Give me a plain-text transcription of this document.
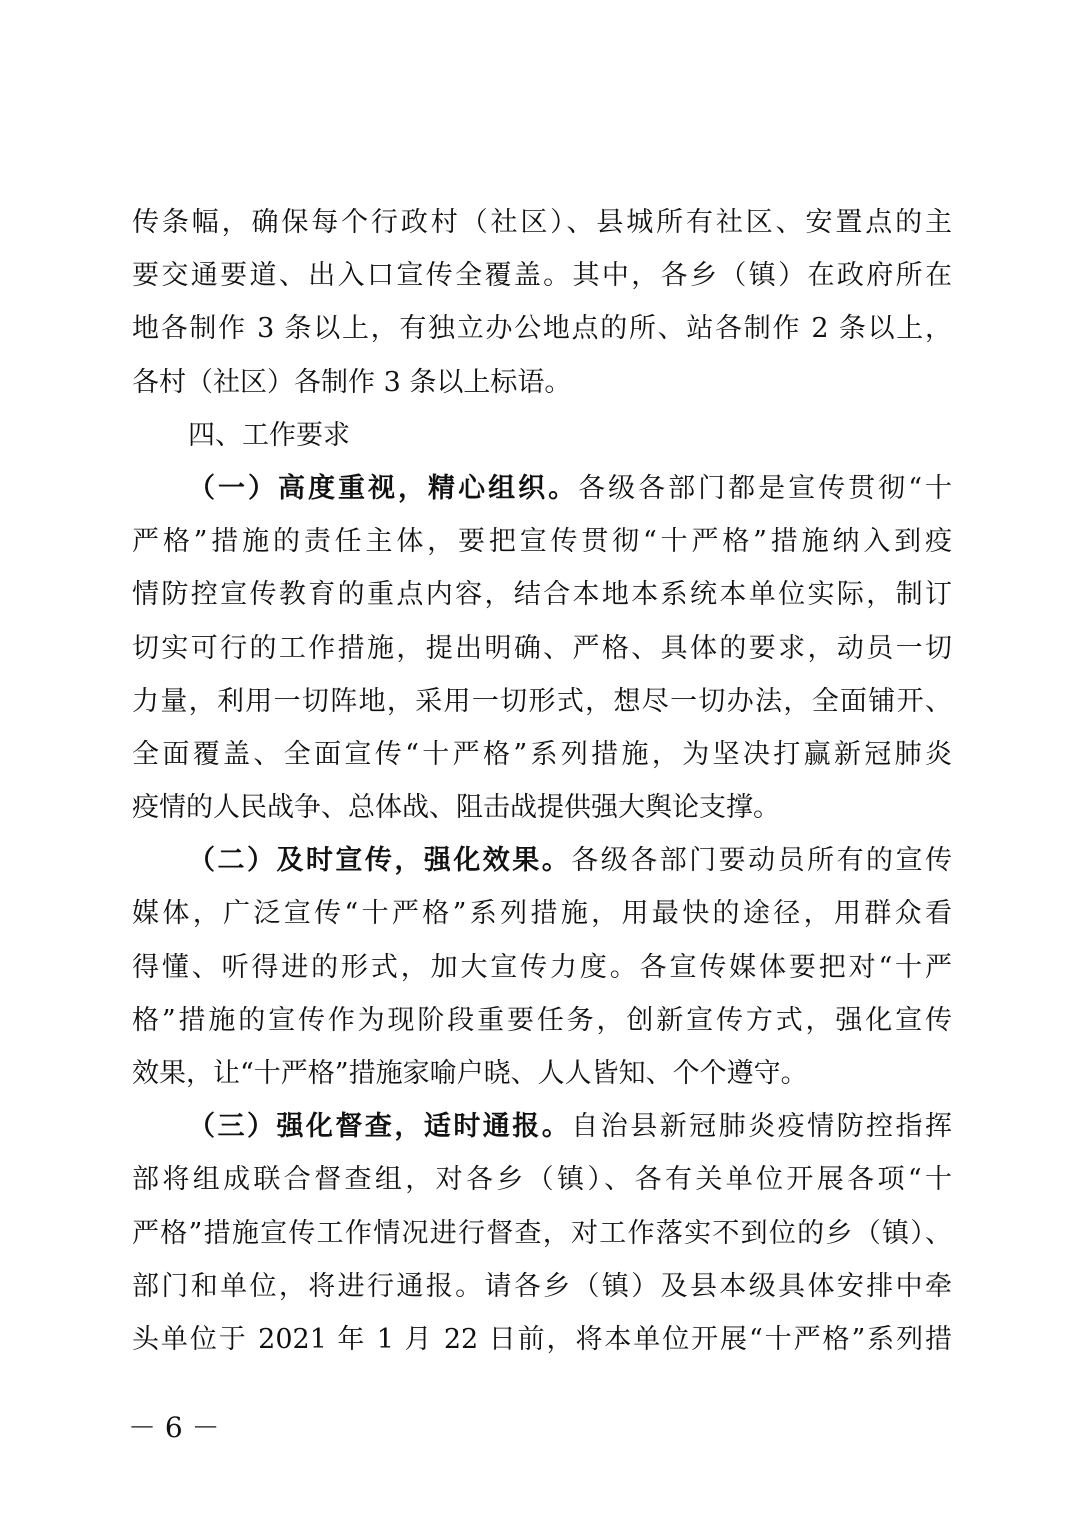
传条幅，确保每个行政村（社区）、县城所有社区、安置点的主
要交通要道、出入口宣传全覆盖。其中，各乡（镇）在政府所在
地各制作 3 条以上，有独立办公地点的所、站各制作 2 条以上，
各村（社区）各制作 3 条以上标语。
四、工作要求
（一）高度重视，精心组织。各级各部门都是宣传贯彻“十
严格”措施的责任主体，要把宣传贯彻“十严格”措施纳入到疫
情防控宣传教育的重点内容，结合本地本系统本单位实际，制订
切实可行的工作措施，提出明确、严格、具体的要求，动员一切
力量，利用一切阵地，采用一切形式，想尽一切办法，全面铺开、
全面覆盖、全面宣传“十严格”系列措施，为坚决打赢新冠肺炎
疫情的人民战争、总体战、阻击战提供强大舆论支撑。
（二）及时宣传，强化效果。各级各部门要动员所有的宣传
媒体，广泛宣传“十严格”系列措施，用最快的途径，用群众看
得懂、听得进的形式，加大宣传力度。各宣传媒体要把对“十严
格”措施的宣传作为现阶段重要任务，创新宣传方式，强化宣传
效果，让“十严格”措施家喻户晓、人人皆知、个个遵守。
（三）强化督查，适时通报。自治县新冠肺炎疫情防控指挥
部将组成联合督查组，对各乡（镇）、各有关单位开展各项“十
严格”措施宣传工作情况进行督查，对工作落实不到位的乡（镇）、
部门和单位，将进行通报。请各乡（镇）及县本级具体安排中牵
头单位于 2021 年 1 月 22 日前，将本单位开展“十严格”系列措
－ 6 －
